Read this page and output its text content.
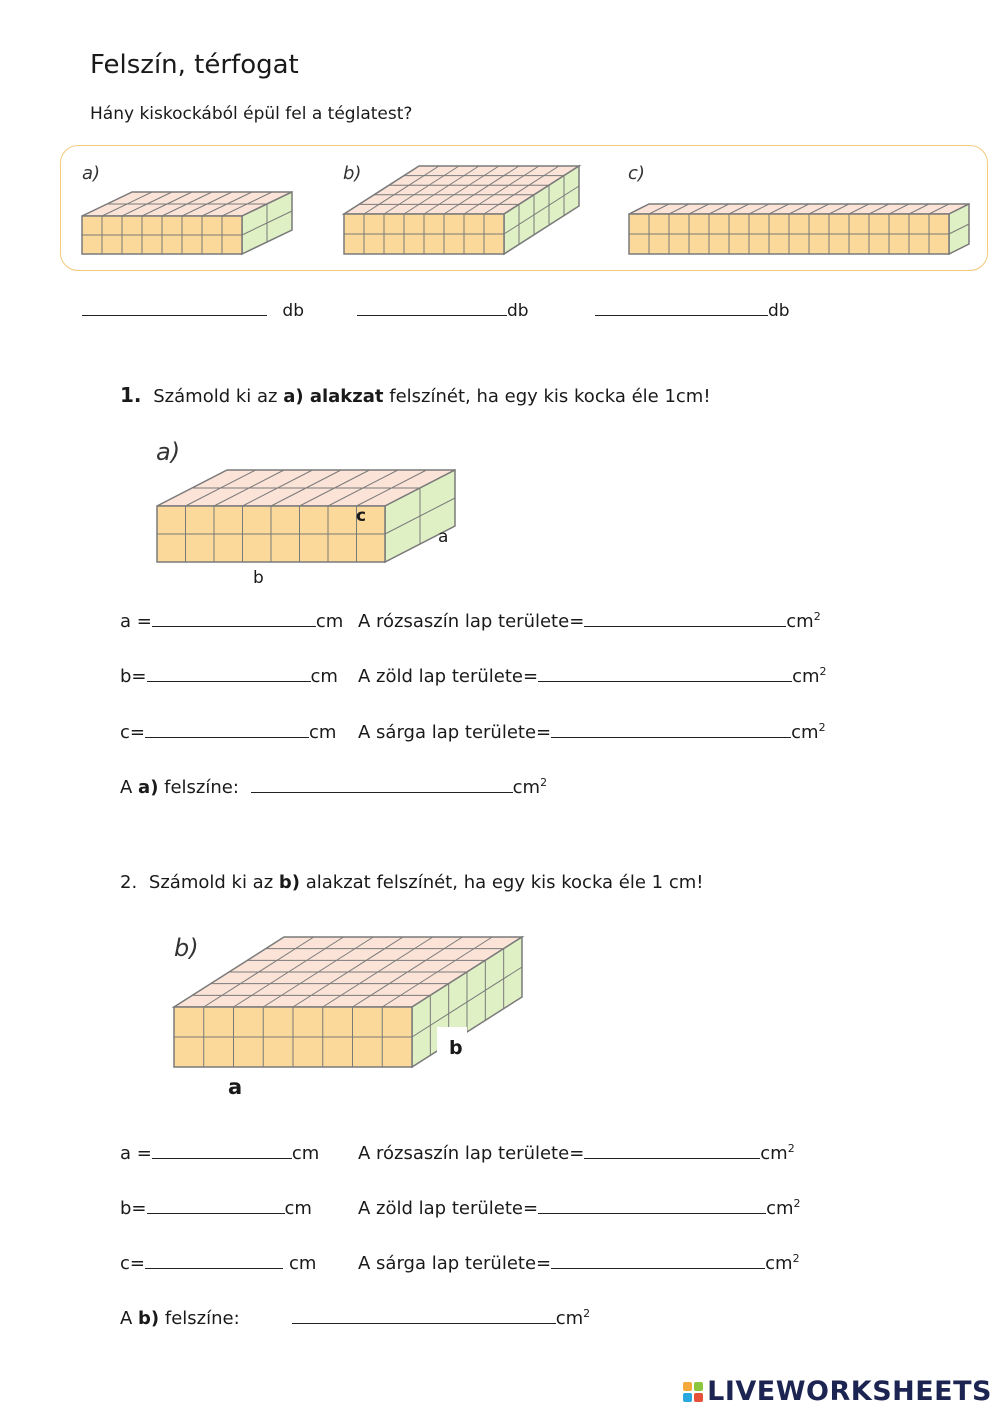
Felszín, térfogat
Hány kiskockából épül fel a téglatest?
a)	b)	c)
db	db	db
1. Számold ki az a) alakzat felszínét, ha egy kis kocka éle 1cm!
a)
c
a
b
a =	cm A rózsaszín lap területe=	$cm^2$
b=	cm A zöld lap területe=	$cm^2$
c=	cm A sárga lap területe=	$cm^2$
A a) felszíne:	$cm^2$
2. Számold ki az b) alakzat felszínét, ha egy kis kocka éle 1 cm!
b)
b
a
a =	cm A rózsaszín lap területe=	$cm^2$
b=	cm	A zöld lap területe=	$cm^2$
c=	cm A sárga lap területe=	$cm^2$
A b) felszíne:	$cm^2$
LIVEWORKSHEETS
